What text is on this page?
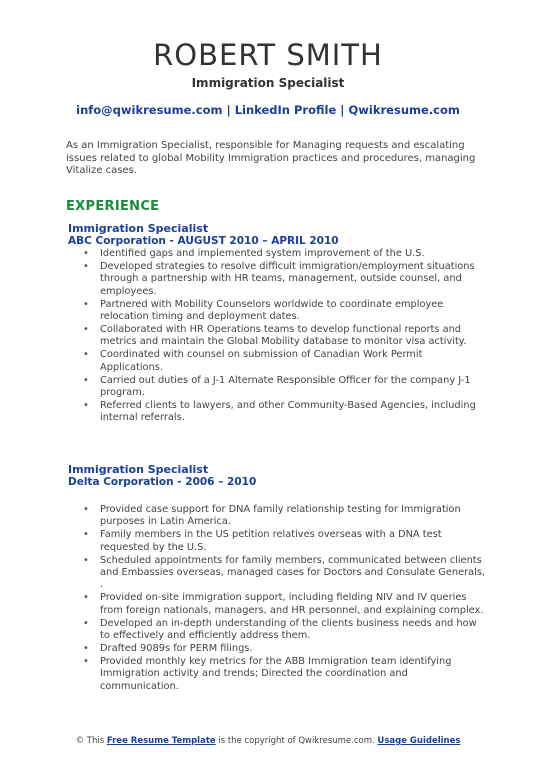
ROBERT SMITH
Immigration Specialist
info@qwikresume.com | LinkedIn Profile | Qwikresume.com
As an Immigration Specialist, responsible for Managing requests and escalating issues related to global Mobility Immigration practices and procedures, managing Vitalize cases.
EXPERIENCE
Immigration Specialist
ABC Corporation - AUGUST 2010 – APRIL 2010
• Identified gaps and implemented system improvement of the U.S.
• Developed strategies to resolve difficult immigration/employment situations through a partnership with HR teams, management, outside counsel, and employees.
• Partnered with Mobility Counselors worldwide to coordinate employee relocation timing and deployment dates.
• Collaborated with HR Operations teams to develop functional reports and metrics and maintain the Global Mobility database to monitor visa activity.
• Coordinated with counsel on submission of Canadian Work Permit Applications.
• Carried out duties of a J-1 Alternate Responsible Officer for the company J-1 program.
• Referred clients to lawyers, and other Community-Based Agencies, including internal referrals.
Immigration Specialist
Delta Corporation - 2006 – 2010
• Provided case support for DNA family relationship testing for Immigration purposes in Latin America.
• Family members in the US petition relatives overseas with a DNA test requested by the U.S.
• Scheduled appointments for family members, communicated between clients and Embassies overseas, managed cases for Doctors and Consulate Generals, .
• Provided on-site immigration support, including fielding NIV and IV queries from foreign nationals, managers, and HR personnel, and explaining complex.
• Developed an in-depth understanding of the clients business needs and how to effectively and efficiently address them.
• Drafted 9089s for PERM filings.
• Provided monthly key metrics for the ABB Immigration team identifying Immigration activity and trends; Directed the coordination and communication.
© This Free Resume Template is the copyright of Qwikresume.com. Usage Guidelines
